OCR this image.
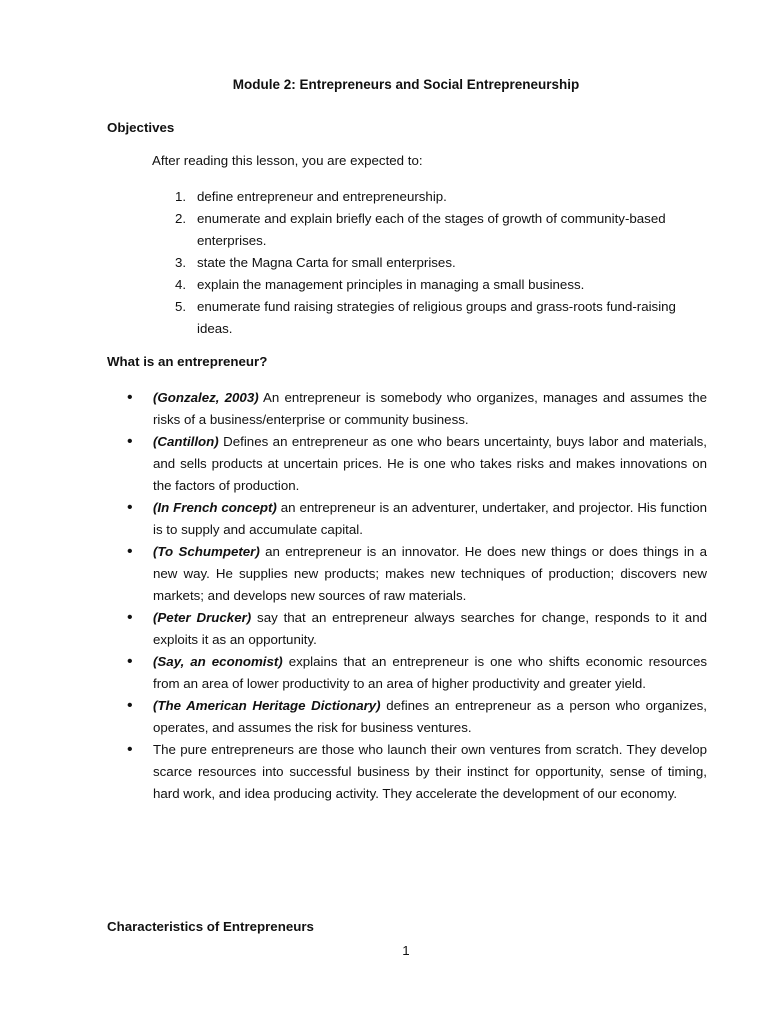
Module 2: Entrepreneurs and Social Entrepreneurship
Objectives
After reading this lesson, you are expected to:
1. define entrepreneur and entrepreneurship.
2. enumerate and explain briefly each of the stages of growth of community-based enterprises.
3. state the Magna Carta for small enterprises.
4. explain the management principles in managing a small business.
5. enumerate fund raising strategies of religious groups and grass-roots fund-raising ideas.
What is an entrepreneur?
• (Gonzalez, 2003) An entrepreneur is somebody who organizes, manages and assumes the risks of a business/enterprise or community business.
• (Cantillon) Defines an entrepreneur as one who bears uncertainty, buys labor and materials, and sells products at uncertain prices. He is one who takes risks and makes innovations on the factors of production.
• (In French concept) an entrepreneur is an adventurer, undertaker, and projector. His function is to supply and accumulate capital.
• (To Schumpeter) an entrepreneur is an innovator. He does new things or does things in a new way. He supplies new products; makes new techniques of production; discovers new markets; and develops new sources of raw materials.
• (Peter Drucker) say that an entrepreneur always searches for change, responds to it and exploits it as an opportunity.
• (Say, an economist) explains that an entrepreneur is one who shifts economic resources from an area of lower productivity to an area of higher productivity and greater yield.
• (The American Heritage Dictionary) defines an entrepreneur as a person who organizes, operates, and assumes the risk for business ventures.
• The pure entrepreneurs are those who launch their own ventures from scratch. They develop scarce resources into successful business by their instinct for opportunity, sense of timing, hard work, and idea producing activity. They accelerate the development of our economy.
Characteristics of Entrepreneurs
1
